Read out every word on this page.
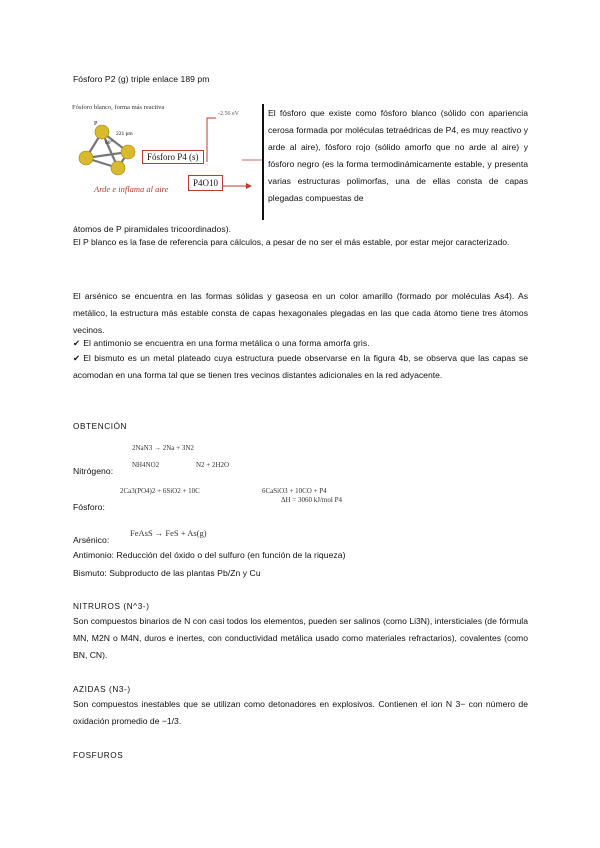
Fósforo P2 (g) triple enlace 189 pm
Fósforo blanco, forma más reactiva
P
221 pm
60°
-2.56 eV
Fósforo P4 (s)
Arde e inflama al aire
P4O10
El fósforo que existe como fósforo blanco (sólido con apariencia cerosa formada por moléculas tetraédricas de P4, es muy reactivo y arde al aire), fósforo rojo (sólido amorfo que no arde al aire) y fósforo negro (es la forma termodinámicamente estable, y presenta varias estructuras polimorfas, una de ellas consta de capas plegadas compuestas de
átomos de P piramidales tricoordinados).
El P blanco es la fase de referencia para cálculos, a pesar de no ser el más estable, por estar mejor caracterizado.
El arsénico se encuentra en las formas sólidas y gaseosa en un color amarillo (formado por moléculas As4). As metálico, la estructura más estable consta de capas hexagonales plegadas en las que cada átomo tiene tres átomos vecinos.
✔ El antimonio se encuentra en una forma metálica o una forma amorfa gris.
✔ El bismuto es un metal plateado cuya estructura puede observarse en la figura 4b, se observa que las capas se acomodan en una forma tal que se tienen tres vecinos distantes adicionales en la red adyacente.
OBTENCIÓN
2NaN3 → 2Na + 3N2
NH4NO2	N2 + 2H2O
Nitrógeno:
2Ca3(PO4)2 + 6SiO2 + 10C	6CaSiO3 + 10CO + P4
ΔH = 3060 kJ/mol P4
Fósforo:
FeAsS → FeS + As(g)
Arsénico:
Antimonio: Reducción del óxido o del sulfuro (en función de la riqueza)
Bismuto: Subproducto de las plantas Pb/Zn y Cu
NITRUROS (N^3-)
Son compuestos binarios de N con casi todos los elementos, pueden ser salinos (como Li3N), intersticiales (de fórmula MN, M2N o M4N, duros e inertes, con conductividad metálica usado como materiales refractarios), covalentes (como BN, CN).
AZIDAS (N3-)
Son compuestos inestables que se utilizan como detonadores en explosivos. Contienen el ion N 3− con número de oxidación promedio de −1/3.
FOSFUROS
